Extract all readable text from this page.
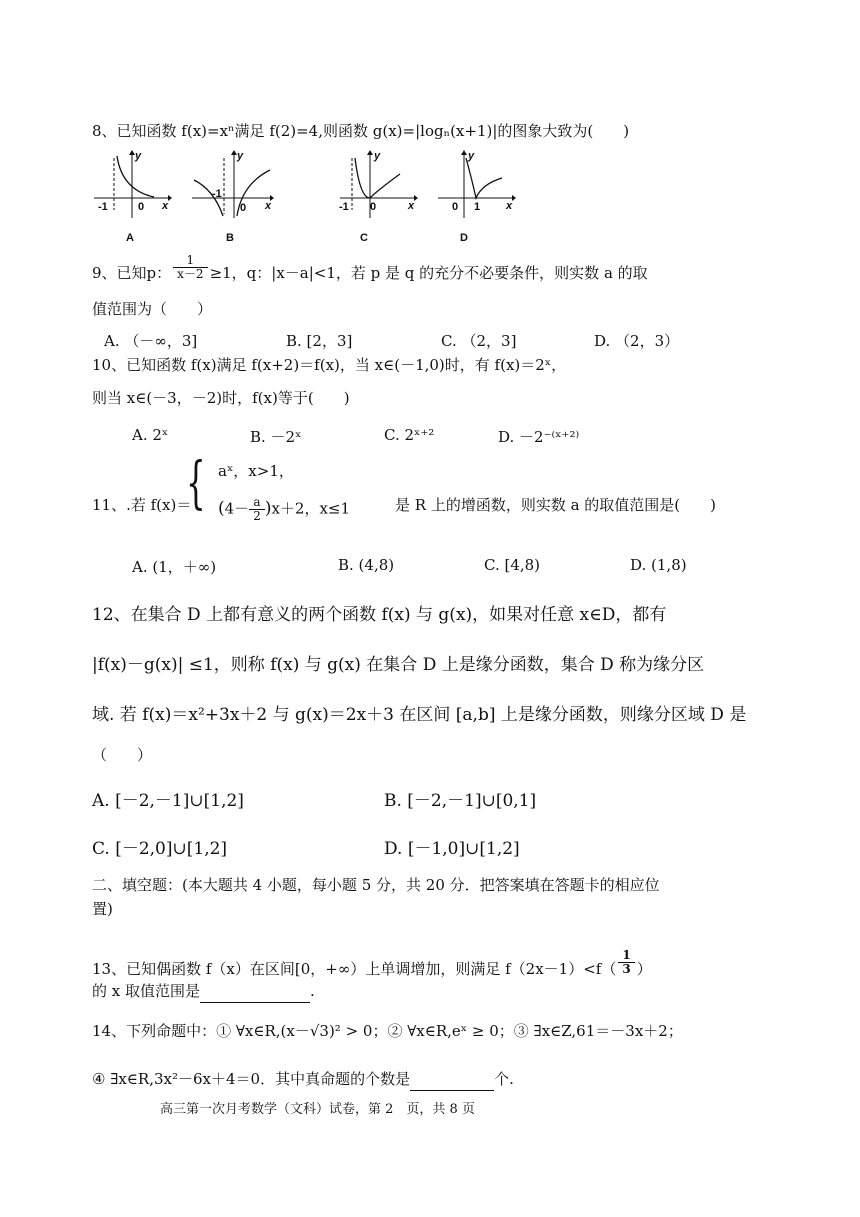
8、已知函数 f(x)=xⁿ满足 f(2)=4,则函数 g(x)=|logₙ(x+1)|的图象大致为(　　)
-1	0 x
y
A
-1
0 x
y
B
-1 0	x
y
C
0 1 x
y
D
9、已知p： $\frac{1}{x-2} \ge 1$，q：|x－a|<1，若 p 是 q 的充分不必要条件，则实数 a 的取
值范围为（　　）
A. （－∞，3]	B. [2，3]	C. （2，3]	D. （2，3）
10、已知函数 f(x)满足 f(x+2)＝f(x)，当 x∈(－1,0)时，有 f(x)＝2ˣ，
则当 x∈(－3，－2)时，f(x)等于(　　)
A. 2ˣ	B. －2ˣ	C. 2ˣ⁺²	D. －2⁻⁽ˣ⁺²⁾
11、.若 f(x)＝
{ aˣ，x>1，
$(4- \frac{a}{2} )x+2$，x≤1	是 R 上的增函数，则实数 a 的取值范围是(　　)
A. (1，＋∞)	B. (4,8)	C. [4,8)	D. (1,8)
12、在集合 D 上都有意义的两个函数 f(x) 与 g(x)，如果对任意 x∈D，都有
|f(x)－g(x)| ≤1，则称 f(x) 与 g(x) 在集合 D 上是缘分函数，集合 D 称为缘分区
域. 若 f(x)＝x²+3x＋2 与 g(x)＝2x＋3 在区间 [a,b] 上是缘分函数，则缘分区域 D 是
（　　）
A. [－2,－1]∪[1,2]	B. [－2,－1]∪[0,1]
C. [－2,0]∪[1,2]	D. [－1,0]∪[1,2]
二、填空题：(本大题共 4 小题，每小题 5 分，共 20 分．把答案填在答题卡的相应位
置)
13、已知偶函数 f（x）在区间[0，+∞）上单调增加，则满足 $f(2x-1)<f( \frac{1}{3}$ ）
的 x 取值范围是	.
14、下列命题中：① ∀x∈R,(x－√3)² > 0；② ∀x∈R,eˣ ≥ 0；③ ∃x∈Z,61＝－3x＋2；
④ ∃x∈R,3x²－6x＋4＝0．其中真命题的个数是	个.
高三第一次月考数学（文科）试卷，第 2　页，共 8 页
